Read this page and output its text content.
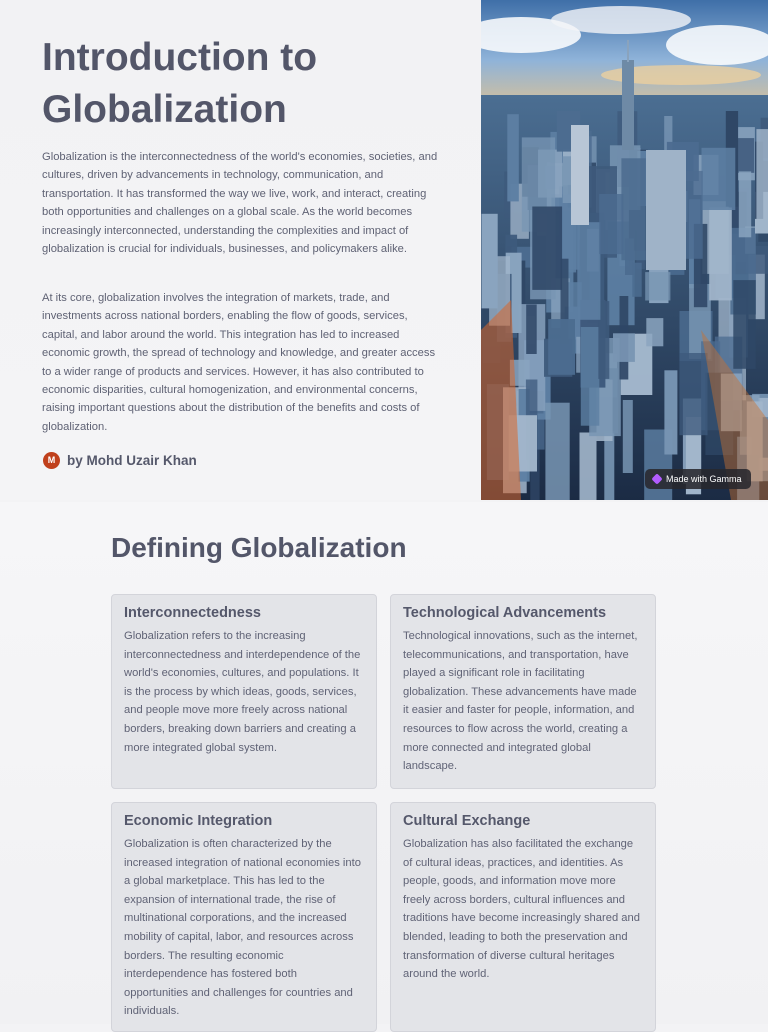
Introduction to Globalization

Globalization is the interconnectedness of the world's economies, societies, and cultures, driven by advancements in technology, communication, and transportation. It has transformed the way we live, work, and interact, creating both opportunities and challenges on a global scale. As the world becomes increasingly interconnected, understanding the complexities and impact of globalization is crucial for individuals, businesses, and policymakers alike.

At its core, globalization involves the integration of markets, trade, and investments across national borders, enabling the flow of goods, services, capital, and labor around the world. This integration has led to increased economic growth, the spread of technology and knowledge, and greater access to a wider range of products and services. However, it has also contributed to economic disparities, cultural homogenization, and environmental concerns, raising important questions about the distribution of the benefits and costs of globalization.

M by Mohd Uzair Khan
Made with Gamma
Defining Globalization
Interconnectedness

Globalization refers to the increasing interconnectedness and interdependence of the world's economies, cultures, and populations. It is the process by which ideas, goods, services, and people move more freely across national borders, breaking down barriers and creating a more integrated global system.

Technological Advancements

Technological innovations, such as the internet, telecommunications, and transportation, have played a significant role in facilitating globalization. These advancements have made it easier and faster for people, information, and resources to flow across the world, creating a more connected and integrated global landscape.

Economic Integration

Globalization is often characterized by the increased integration of national economies into a global marketplace. This has led to the expansion of international trade, the rise of multinational corporations, and the increased mobility of capital, labor, and resources across borders. The resulting economic interdependence has fostered both opportunities and challenges for countries and individuals.

Cultural Exchange

Globalization has also facilitated the exchange of cultural ideas, practices, and identities. As people, goods, and information move more freely across borders, cultural influences and traditions have become increasingly shared and blended, leading to both the preservation and transformation of diverse cultural heritages around the world.
